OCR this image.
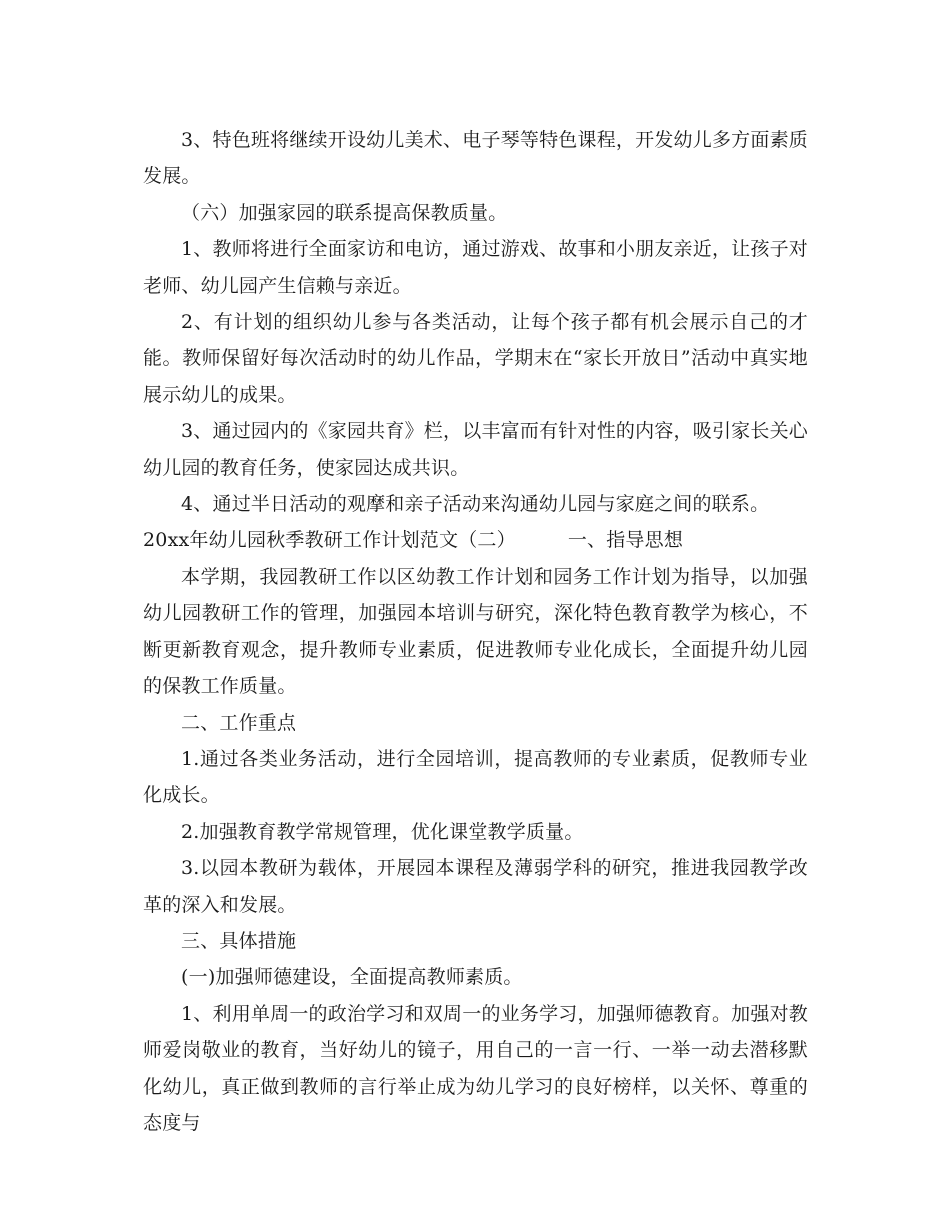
3、特色班将继续开设幼儿美术、电子琴等特色课程，开发幼儿多方面素质发展。

（六）加强家园的联系提高保教质量。

1、教师将进行全面家访和电访，通过游戏、故事和小朋友亲近，让孩子对老师、幼儿园产生信赖与亲近。

2、有计划的组织幼儿参与各类活动，让每个孩子都有机会展示自己的才能。教师保留好每次活动时的幼儿作品，学期末在“家长开放日”活动中真实地展示幼儿的成果。

3、通过园内的《家园共育》栏，以丰富而有针对性的内容，吸引家长关心幼儿园的教育任务，使家园达成共识。

4、通过半日活动的观摩和亲子活动来沟通幼儿园与家庭之间的联系。

20xx年幼儿园秋季教研工作计划范文（二）	一、指导思想

本学期，我园教研工作以区幼教工作计划和园务工作计划为指导，以加强幼儿园教研工作的管理，加强园本培训与研究，深化特色教育教学为核心，不断更新教育观念，提升教师专业素质，促进教师专业化成长，全面提升幼儿园的保教工作质量。

二、工作重点

1.通过各类业务活动，进行全园培训，提高教师的专业素质，促教师专业化成长。

2.加强教育教学常规管理，优化课堂教学质量。

3.以园本教研为载体，开展园本课程及薄弱学科的研究，推进我园教学改革的深入和发展。

三、具体措施

(一)加强师德建设，全面提高教师素质。

1、利用单周一的政治学习和双周一的业务学习，加强师德教育。加强对教师爱岗敬业的教育，当好幼儿的镜子，用自己的一言一行、一举一动去潜移默化幼儿，真正做到教师的言行举止成为幼儿学习的良好榜样，以关怀、尊重的态度与
